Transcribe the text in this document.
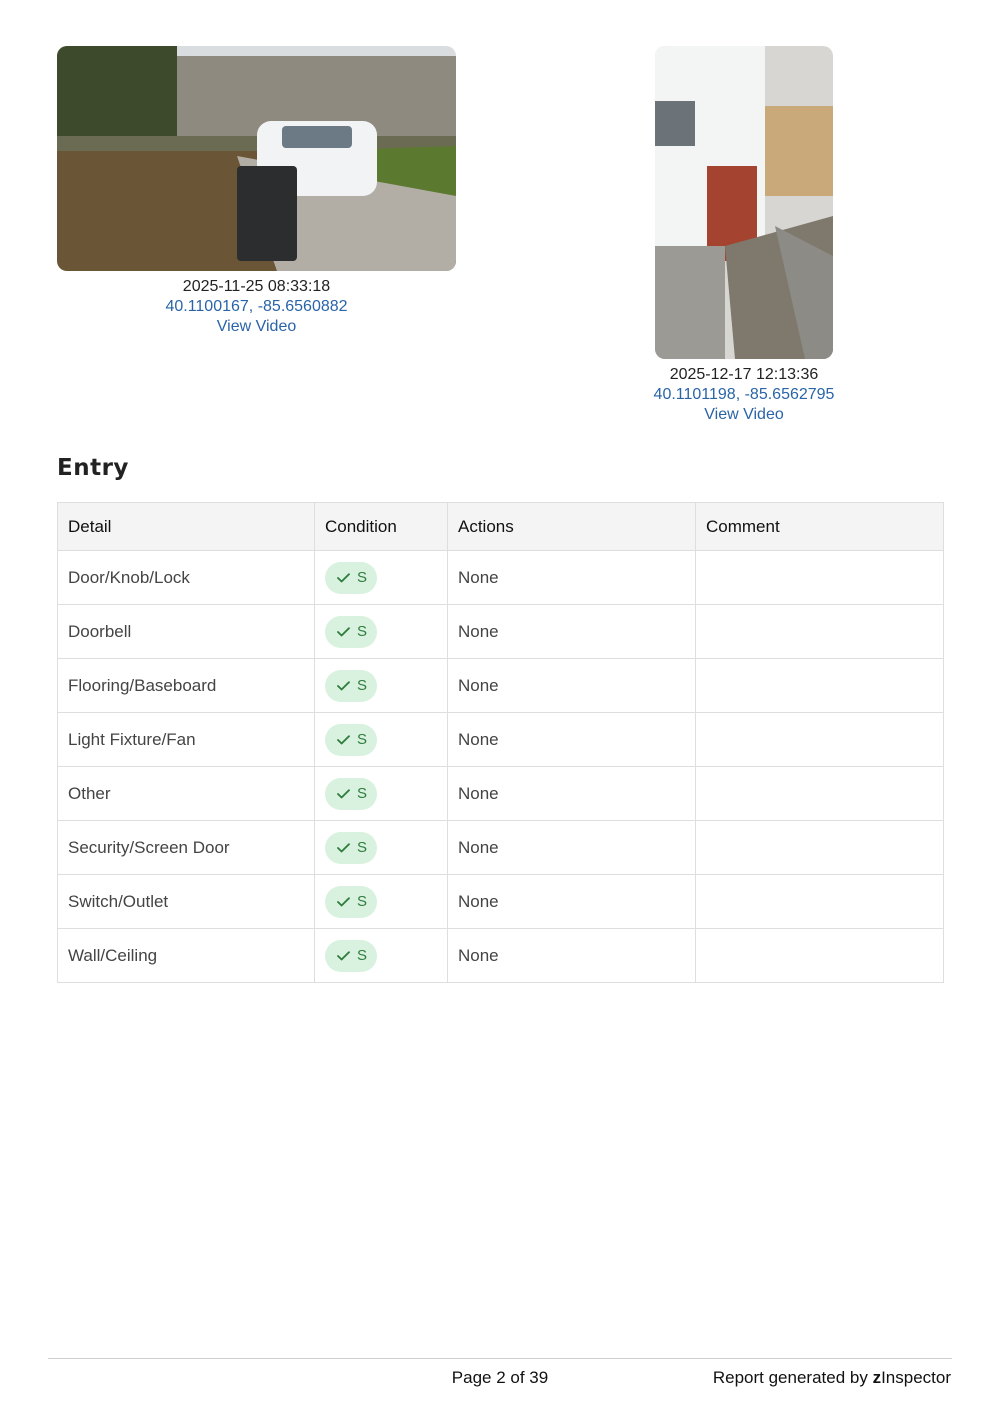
2025-11-25 08:33:18
40.1100167, -85.6560882
View Video
2025-12-17 12:13:36
40.1101198, -85.6562795
View Video
Entry
Detail	Condition	Actions	Comment
Door/Knob/Lock	S	None	
Doorbell	S	None	
Flooring/Baseboard	S	None	
Light Fixture/Fan	S	None	
Other	S	None	
Security/Screen Door	S	None	
Switch/Outlet	S	None	
Wall/Ceiling	S	None	
Page 2 of 39	Report generated by zInspector
